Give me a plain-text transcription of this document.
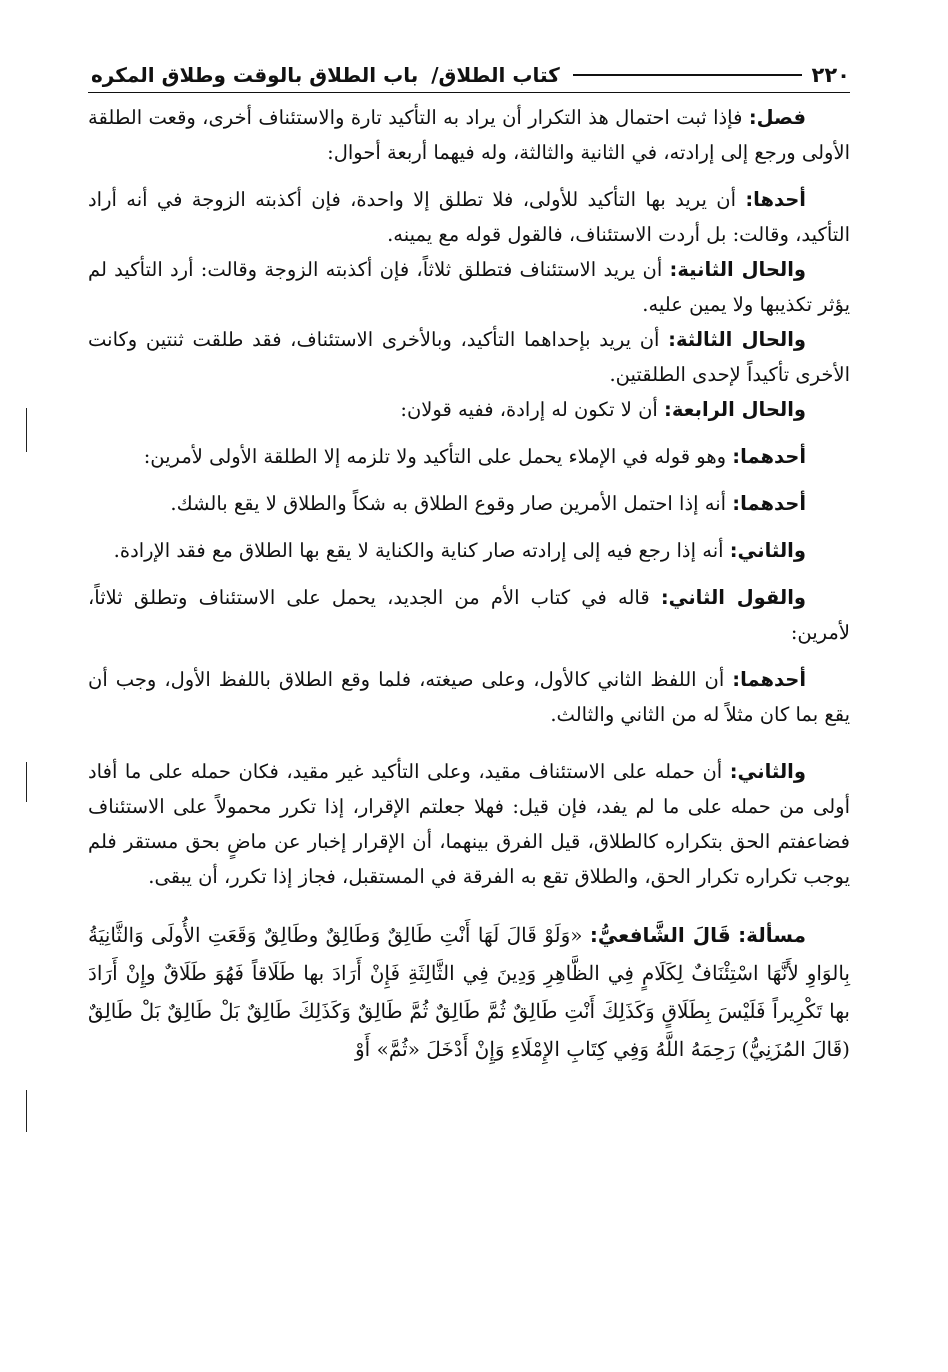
٢٢٠
كتاب الطلاق/ باب الطلاق بالوقت وطلاق المكره

فصل: فإذا ثبت احتمال هذ التكرار أن يراد به التأكيد تارة والاستئناف أخرى، وقعت الطلقة الأولى ورجع إلى إرادته، في الثانية والثالثة، وله فيهما أربعة أحوال:

أحدها: أن يريد بها التأكيد للأولى، فلا تطلق إلا واحدة، فإن أكذبته الزوجة في أنه أراد التأكيد، وقالت: بل أردت الاستئناف، فالقول قوله مع يمينه.

والحال الثانية: أن يريد الاستئناف فتطلق ثلاثاً، فإن أكذبته الزوجة وقالت: أرد التأكيد لم يؤثر تكذيبها ولا يمين عليه.

والحال الثالثة: أن يريد بإحداهما التأكيد، وبالأخرى الاستئناف، فقد طلقت ثنتين وكانت الأخرى تأكيداً لإحدى الطلقتين.

والحال الرابعة: أن لا تكون له إرادة، ففيه قولان:

أحدهما: وهو قوله في الإملاء يحمل على التأكيد ولا تلزمه إلا الطلقة الأولى لأمرين:

أحدهما: أنه إذا احتمل الأمرين صار وقوع الطلاق به شكاً والطلاق لا يقع بالشك.

والثاني: أنه إذا رجع فيه إلى إرادته صار كناية والكناية لا يقع بها الطلاق مع فقد الإرادة.

والقول الثاني: قاله في كتاب الأم من الجديد، يحمل على الاستئناف وتطلق ثلاثاً، لأمرين:

أحدهما: أن اللفظ الثاني كالأول، وعلى صيغته، فلما وقع الطلاق باللفظ الأول، وجب أن يقع بما كان مثلاً له من الثاني والثالث.

والثاني: أن حمله على الاستئناف مقيد، وعلى التأكيد غير مقيد، فكان حمله على ما أفاد أولى من حمله على ما لم يفد، فإن قيل: فهلا جعلتم الإقرار، إذا تكرر محمولاً على الاستئناف فضاعفتم الحق بتكراره كالطلاق، قيل الفرق بينهما، أن الإقرار إخبار عن ماضٍ بحق مستقر فلم يوجب تكراره تكرار الحق، والطلاق تقع به الفرقة في المستقبل، فجاز إذا تكرر، أن يبقى.

مسألة: قَالَ الشَّافعيُّ: «وَلَوْ قَالَ لَهَا أَنْتِ طَالِقٌ وَطَالِقٌ وطَالِقٌ وَقَعَتِ الأُولَى وَالثَّانِيَةُ بِالوَاوِ لأَنَّهَا اسْتِئْنَافٌ لِكَلَامٍ فِي الظَّاهِرِ وَدِينَ فِي الثَّالِثَةِ فَإِنْ أَرَادَ بها طَلَاقاً فَهُوَ طَلَاقٌ وإِنْ أَرَادَ بها تَكْرِيراً فَلَيْسَ بِطَلَاقٍ وَكَذَلِكَ أَنْتِ طَالِقٌ ثُمَّ طَالِقٌ ثُمَّ طَالِقٌ وَكَذَلِكَ طَالِقٌ بَلْ طَالِقٌ بَلْ طَالِقٌ (قَالَ المُزَنِيُّ) رَحِمَهُ اللَّهُ وَفِي كِتَابِ الإِمْلَاءِ وَإِنْ أَدْخَلَ «ثُمَّ» أَوْ
